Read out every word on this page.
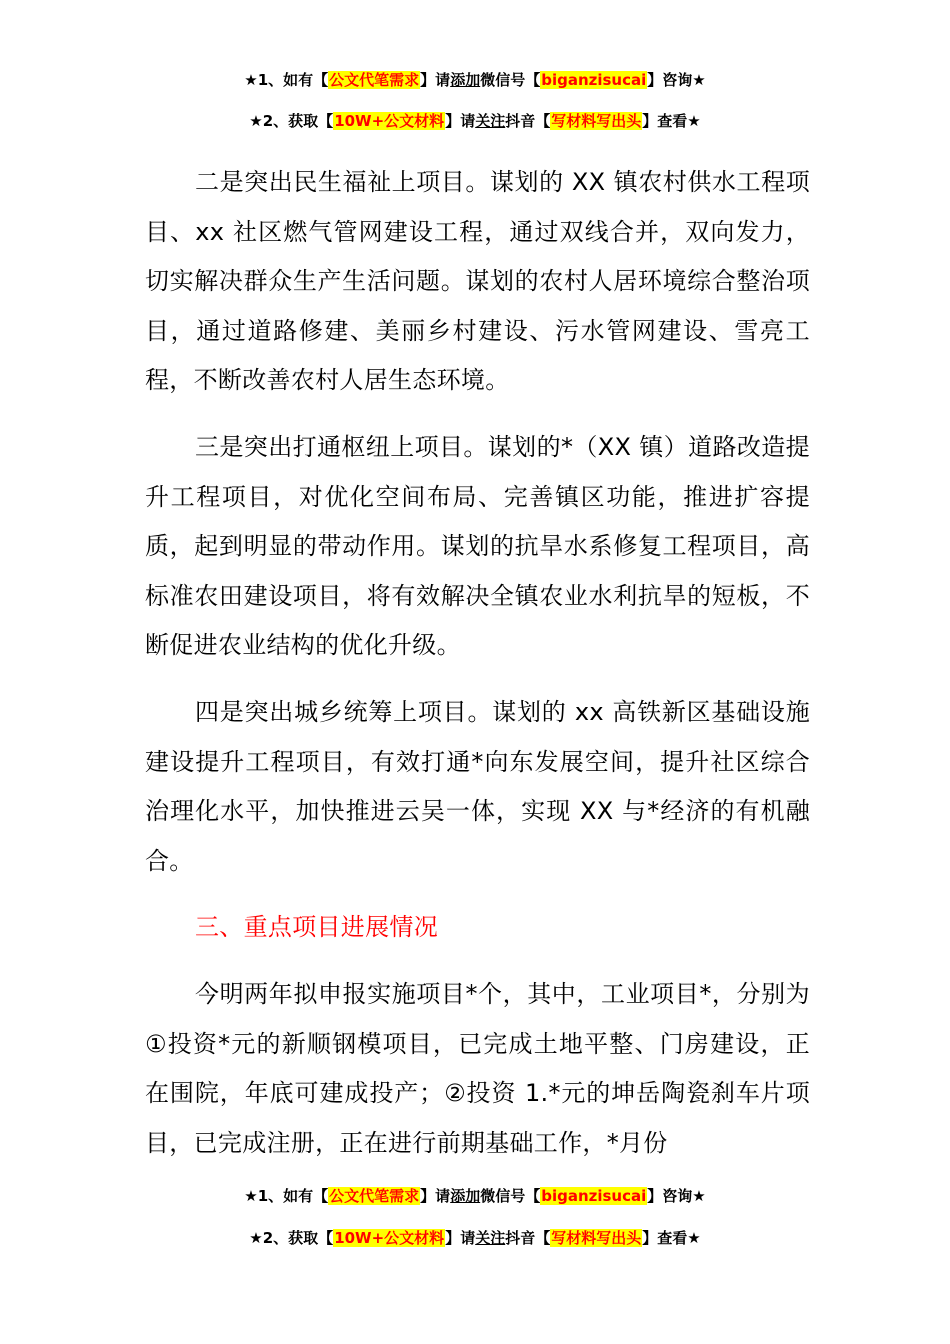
★1、如有【公文代笔需求】请添加微信号【biganzisucai】咨询★
★2、获取【10W+公文材料】请关注抖音【写材料写出头】查看★

二是突出民生福祉上项目。谋划的 XX 镇农村供水工程项目、xx 社区燃气管网建设工程，通过双线合并，双向发力，切实解决群众生产生活问题。谋划的农村人居环境综合整治项目，通过道路修建、美丽乡村建设、污水管网建设、雪亮工程，不断改善农村人居生态环境。

三是突出打通枢纽上项目。谋划的*（XX 镇）道路改造提升工程项目，对优化空间布局、完善镇区功能，推进扩容提质，起到明显的带动作用。谋划的抗旱水系修复工程项目，高标准农田建设项目，将有效解决全镇农业水利抗旱的短板，不断促进农业结构的优化升级。

四是突出城乡统筹上项目。谋划的 xx 高铁新区基础设施建设提升工程项目，有效打通*向东发展空间，提升社区综合治理化水平，加快推进云吴一体，实现 XX 与*经济的有机融合。

三、重点项目进展情况

今明两年拟申报实施项目*个，其中，工业项目*，分别为①投资*元的新顺钢模项目，已完成土地平整、门房建设，正在围院，年底可建成投产；②投资 1.*元的坤岳陶瓷刹车片项目，已完成注册，正在进行前期基础工作，*月份

★1、如有【公文代笔需求】请添加微信号【biganzisucai】咨询★
★2、获取【10W+公文材料】请关注抖音【写材料写出头】查看★
